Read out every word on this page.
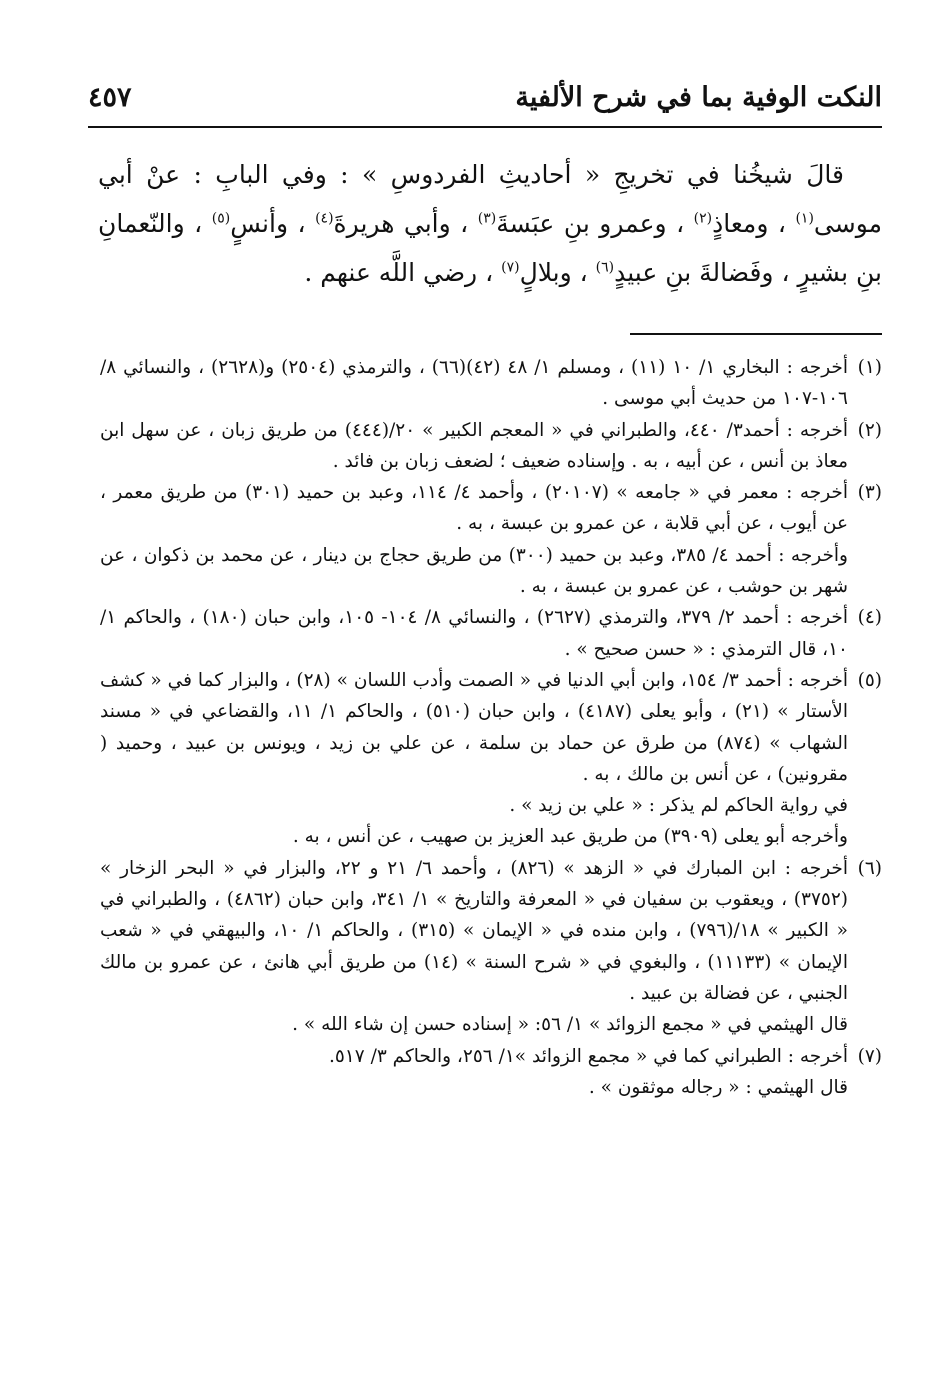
النكت الوفية بما في شرح الألفية
٤٥٧

قالَ شيخُنا في تخريجِ « أحاديثِ الفردوسِ » : وفي البابِ : عنْ أبي موسى$^{(١)}$ ، ومعاذٍ$^{(٢)}$ ، وعمرو بنِ عبَسةَ$^{(٣)}$ ، وأبي هريرةَ$^{(٤)}$ ، وأنسٍ$^{(٥)}$ ، والنّعمانِ بنِ بشيرٍ ، وفَضالةَ بنِ عبيدٍ$^{(٦)}$ ، وبلالٍ$^{(٧)}$ ، رضي اللَّه عنهم .

(١)
أخرجه : البخاري ١/ ١٠ (١١) ، ومسلم ١/ ٤٨ (٤٢)(٦٦) ، والترمذي (٢٥٠٤) و(٢٦٢٨) ، والنسائي ٨/ ١٠٦-١٠٧ من حديث أبي موسى .
(٢)
أخرجه : أحمد٣/ ٤٤٠، والطبراني في « المعجم الكبير » ٢٠/(٤٤٤) من طريق زبان ، عن سهل ابن معاذ بن أنس ، عن أبيه ، به . وإسناده ضعيف ؛ لضعف زبان بن فائد .
(٣)
أخرجه : معمر في « جامعه » (٢٠١٠٧) ، وأحمد ٤/ ١١٤، وعبد بن حميد (٣٠١) من طريق معمر ، عن أيوب ، عن أبي قلابة ، عن عمرو بن عبسة ، به .

وأخرجه : أحمد ٤/ ٣٨٥، وعبد بن حميد (٣٠٠) من طريق حجاج بن دينار ، عن محمد بن ذكوان ، عن شهر بن حوشب ، عن عمرو بن عبسة ، به .

(٤)
أخرجه : أحمد ٢/ ٣٧٩، والترمذي (٢٦٢٧) ، والنسائي ٨/ ١٠٤- ١٠٥، وابن حبان (١٨٠) ، والحاكم ١/ ١٠، قال الترمذي : « حسن صحيح » .
(٥)
أخرجه : أحمد ٣/ ١٥٤، وابن أبي الدنيا في « الصمت وأدب اللسان » (٢٨) ، والبزار كما في « كشف الأستار » (٢١) ، وأبو يعلى (٤١٨٧) ، وابن حبان (٥١٠) ، والحاكم ١/ ١١، والقضاعي في « مسند الشهاب » (٨٧٤) من طرق عن حماد بن سلمة ، عن علي بن زيد ، ويونس بن عبيد ، وحميد ( مقرونين) ، عن أنس بن مالك ، به .

في رواية الحاكم لم يذكر : « علي بن زيد » .

وأخرجه أبو يعلى (٣٩٠٩) من طريق عبد العزيز بن صهيب ، عن أنس ، به .

(٦)
أخرجه : ابن المبارك في « الزهد » (٨٢٦) ، وأحمد ٦/ ٢١ و ٢٢، والبزار في « البحر الزخار » (٣٧٥٢) ، ويعقوب بن سفيان في « المعرفة والتاريخ » ١/ ٣٤١، وابن حبان (٤٨٦٢) ، والطبراني في « الكبير » ١٨/(٧٩٦) ، وابن منده في « الإيمان » (٣١٥) ، والحاكم ١/ ١٠، والبيهقي في « شعب الإيمان » (١١١٣٣) ، والبغوي في « شرح السنة » (١٤) من طريق أبي هانئ ، عن عمرو بن مالك الجنبي ، عن فضالة بن عبيد .

قال الهيثمي في « مجمع الزوائد » ١/ ٥٦: « إسناده حسن إن شاء الله » .

(٧)
أخرجه : الطبراني كما في « مجمع الزوائد »١/ ٢٥٦، والحاكم ٣/ ٥١٧.

قال الهيثمي : « رجاله موثقون » .
